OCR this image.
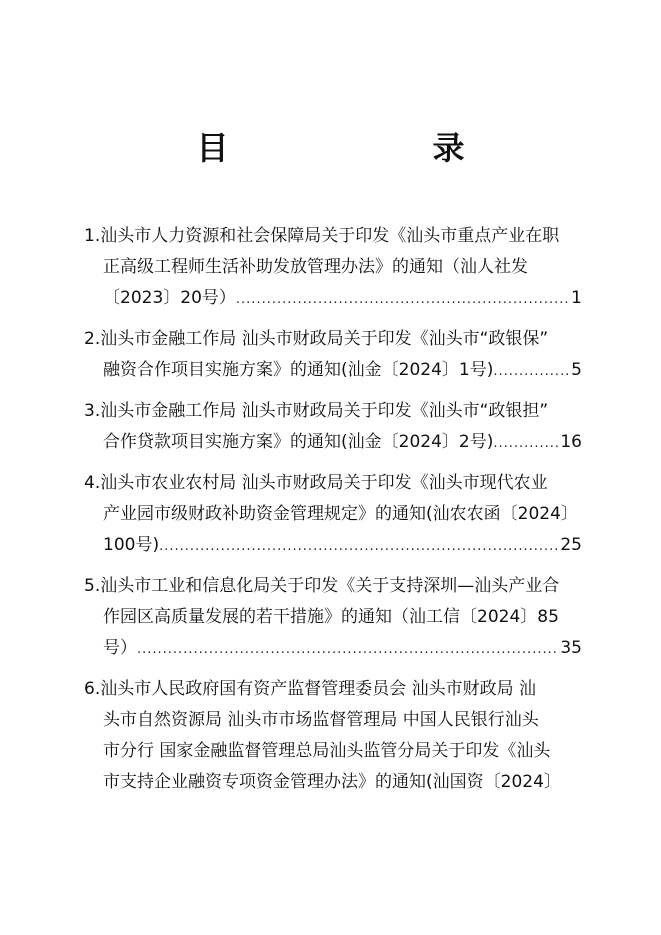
目　录
1.汕头市人力资源和社会保障局关于印发《汕头市重点产业在职
正高级工程师生活补助发放管理办法》的通知（汕人社发
〔2023〕20号） .....	1
2.汕头市金融工作局 汕头市财政局关于印发《汕头市“政银保”
融资合作项目实施方案》的通知(汕金〔2024〕1号) .....	5
3.汕头市金融工作局 汕头市财政局关于印发《汕头市“政银担”
合作贷款项目实施方案》的通知(汕金〔2024〕2号) .....	16
4.汕头市农业农村局 汕头市财政局关于印发《汕头市现代农业
产业园市级财政补助资金管理规定》的通知(汕农农函〔2024〕
100号) .....	25
5.汕头市工业和信息化局关于印发《关于支持深圳—汕头产业合
作园区高质量发展的若干措施》的通知（汕工信〔2024〕85
号） .....	35
6.汕头市人民政府国有资产监督管理委员会 汕头市财政局 汕
头市自然资源局 汕头市市场监督管理局 中国人民银行汕头
市分行 国家金融监督管理总局汕头监管分局关于印发《汕头
市支持企业融资专项资金管理办法》的通知(汕国资〔2024〕
